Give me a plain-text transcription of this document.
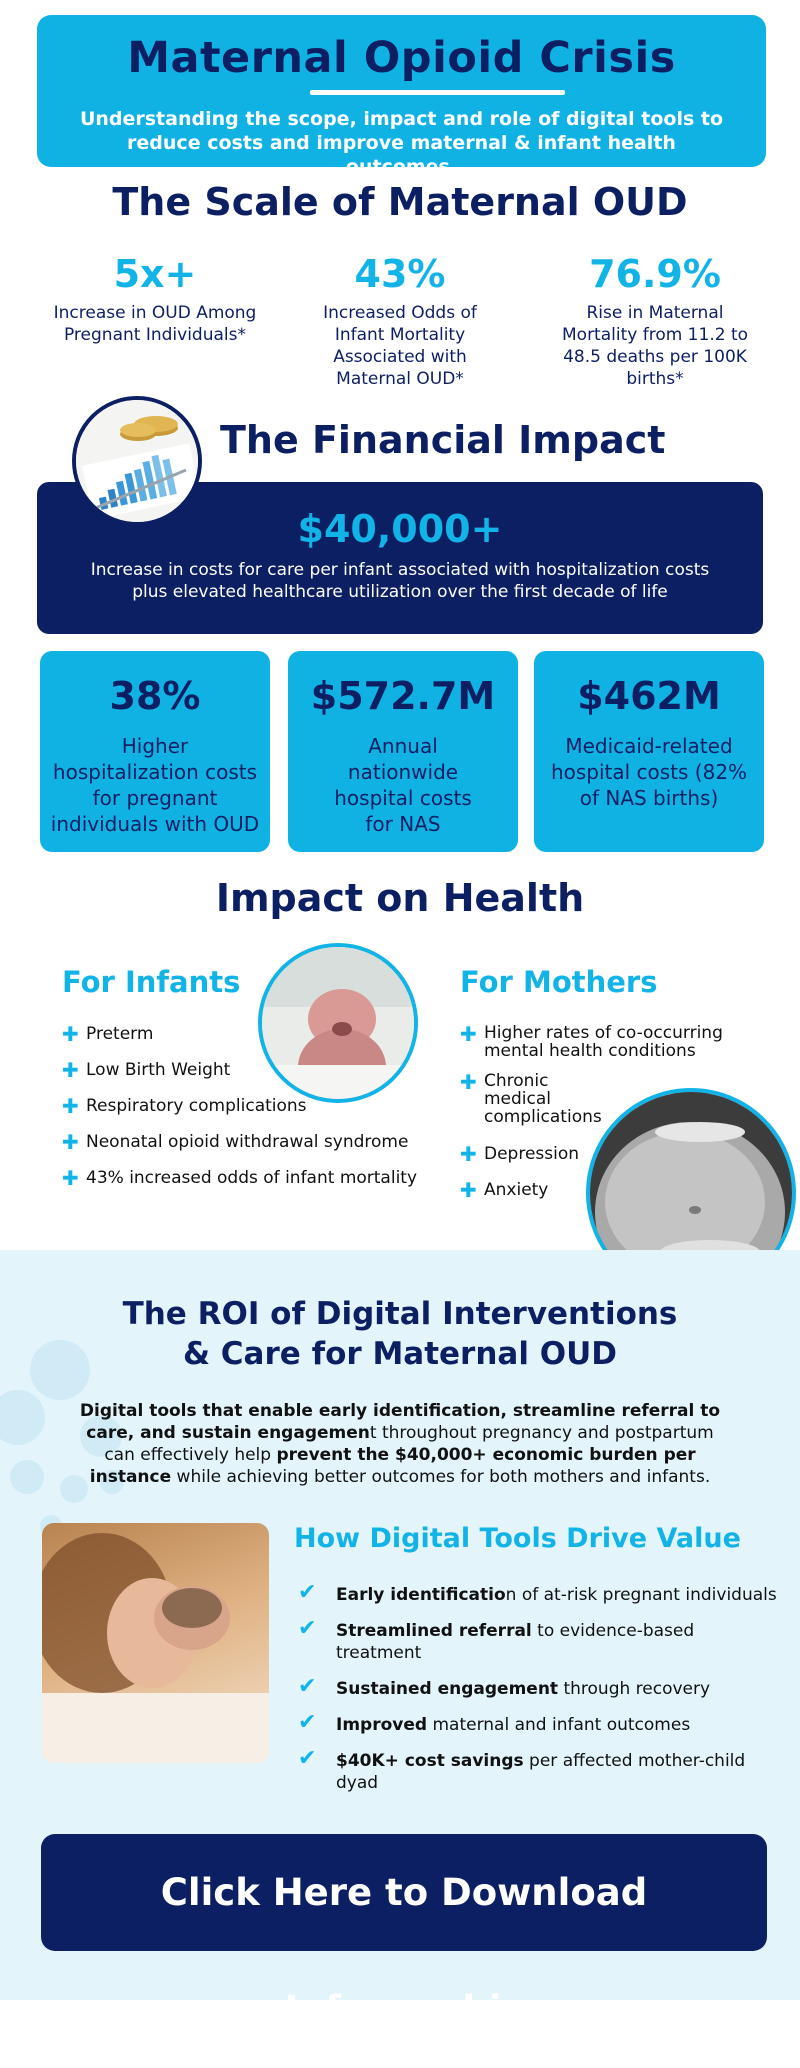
Maternal Opioid Crisis

Understanding the scope, impact and role of digital tools to reduce costs and improve maternal & infant health outcomes.

The Scale of Maternal OUD
5x+
Increase in OUD Among Pregnant Individuals*
43%
Increased Odds of Infant Mortality Associated with Maternal OUD*
76.9%
Rise in Maternal Mortality from 11.2 to 48.5 deaths per 100K births*
$40,000+
Increase in costs for care per infant associated with hospitalization costs plus elevated healthcare utilization over the first decade of life
The Financial Impact
38%
Higher hospitalization costs for pregnant individuals with OUD
$572.7M
Annual nationwide hospital costs for NAS
$462M
Medicaid-related hospital costs (82% of NAS births)
Impact on Health
For Infants
✚ Preterm
✚ Low Birth Weight
✚ Respiratory complications
✚ Neonatal opioid withdrawal syndrome
✚ 43% increased odds of infant mortality
For Mothers
✚ Higher rates of co-occurring mental health conditions
✚ Chronic medical complications
✚ Depression
✚ Anxiety
The ROI of Digital Interventions
& Care for Maternal OUD

Digital tools that enable early identification, streamline referral to care, and sustain engagement throughout pregnancy and postpartum can effectively help prevent the $40,000+ economic burden per instance while achieving better outcomes for both mothers and infants.

How Digital Tools Drive Value
✔ Early identification of at-risk pregnant individuals
✔ Streamlined referral to evidence-based treatment
✔ Sustained engagement through recovery
✔ Improved maternal and infant outcomes
✔ $40K+ cost savings per affected mother-child dyad
Click Here to Download Infographic
